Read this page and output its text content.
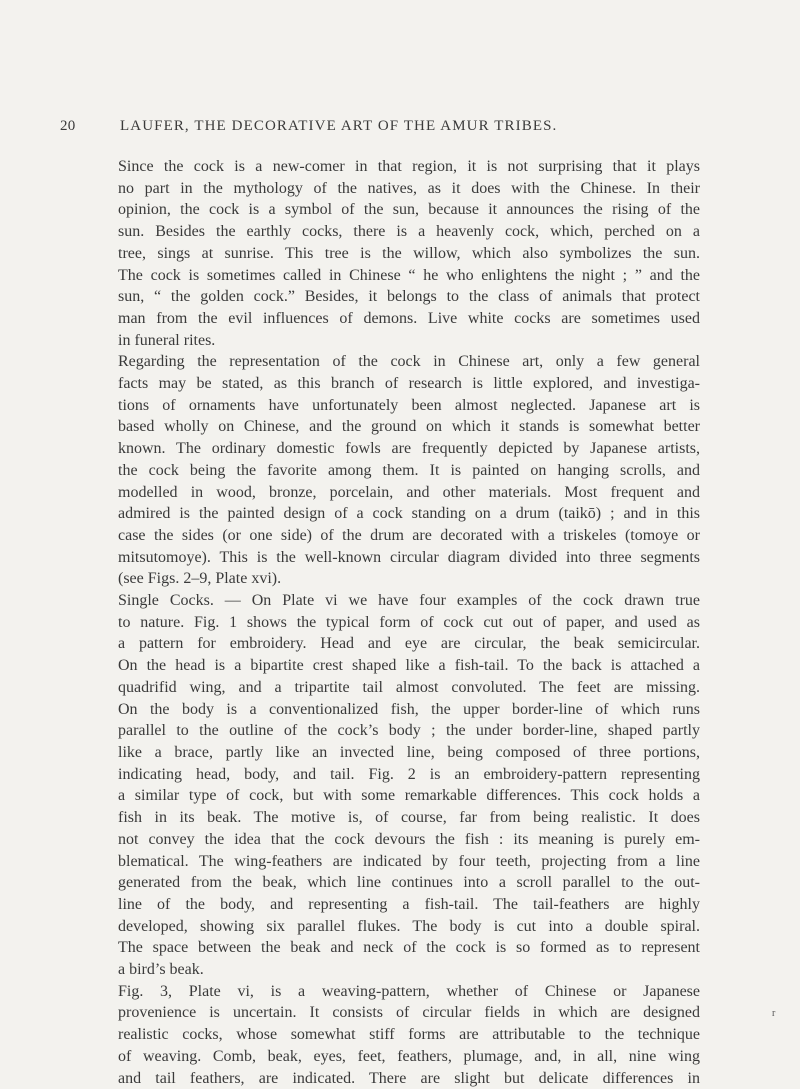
20	LAUFER, THE DECORATIVE ART OF THE AMUR TRIBES.

Since the cock is a new-comer in that region, it is not surprising that it plays
no part in the mythology of the natives, as it does with the Chinese. In their
opinion, the cock is a symbol of the sun, because it announces the rising of the
sun. Besides the earthly cocks, there is a heavenly cock, which, perched on a
tree, sings at sunrise. This tree is the willow, which also symbolizes the sun.
The cock is sometimes called in Chinese “ he who enlightens the night ; ” and the
sun, “ the golden cock.” Besides, it belongs to the class of animals that protect
man from the evil influences of demons. Live white cocks are sometimes used
in funeral rites.

Regarding the representation of the cock in Chinese art, only a few general
facts may be stated, as this branch of research is little explored, and investiga-
tions of ornaments have unfortunately been almost neglected. Japanese art is
based wholly on Chinese, and the ground on which it stands is somewhat better
known. The ordinary domestic fowls are frequently depicted by Japanese artists,
the cock being the favorite among them. It is painted on hanging scrolls, and
modelled in wood, bronze, porcelain, and other materials. Most frequent and
admired is the painted design of a cock standing on a drum (taikō) ; and in this
case the sides (or one side) of the drum are decorated with a triskeles (tomoye or
mitsutomoye). This is the well-known circular diagram divided into three segments
(see Figs. 2–9, Plate xvi).

Single Cocks. — On Plate vi we have four examples of the cock drawn true
to nature. Fig. 1 shows the typical form of cock cut out of paper, and used as
a pattern for embroidery. Head and eye are circular, the beak semicircular.
On the head is a bipartite crest shaped like a fish-tail. To the back is attached a
quadrifid wing, and a tripartite tail almost convoluted. The feet are missing.
On the body is a conventionalized fish, the upper border-line of which runs
parallel to the outline of the cock’s body ; the under border-line, shaped partly
like a brace, partly like an invected line, being composed of three portions,
indicating head, body, and tail. Fig. 2 is an embroidery-pattern representing
a similar type of cock, but with some remarkable differences. This cock holds a
fish in its beak. The motive is, of course, far from being realistic. It does
not convey the idea that the cock devours the fish : its meaning is purely em-
blematical. The wing-feathers are indicated by four teeth, projecting from a line
generated from the beak, which line continues into a scroll parallel to the out-
line of the body, and representing a fish-tail. The tail-feathers are highly
developed, showing six parallel flukes. The body is cut into a double spiral.
The space between the beak and neck of the cock is so formed as to represent
a bird’s beak.

Fig. 3, Plate vi, is a weaving-pattern, whether of Chinese or Japanese
provenience is uncertain. It consists of circular fields in which are designed
realistic cocks, whose somewhat stiff forms are attributable to the technique
of weaving. Comb, beak, eyes, feet, feathers, plumage, and, in all, nine wing
and tail feathers, are indicated. There are slight but delicate differences in

r
